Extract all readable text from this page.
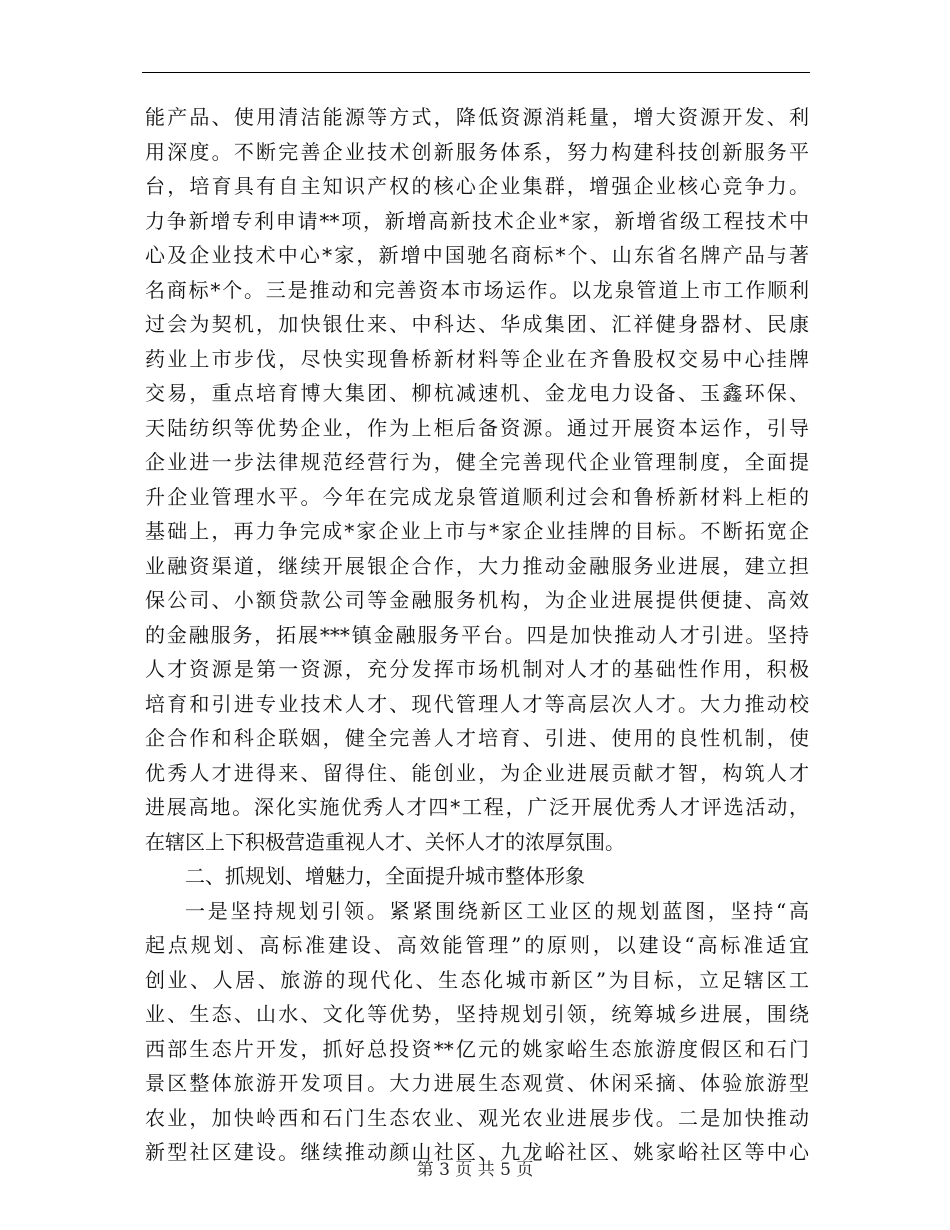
能产品、使用清洁能源等方式，降低资源消耗量，增大资源开发、利
用深度。不断完善企业技术创新服务体系，努力构建科技创新服务平
台，培育具有自主知识产权的核心企业集群，增强企业核心竞争力。
力争新增专利申请**项，新增高新技术企业*家，新增省级工程技术中
心及企业技术中心*家，新增中国驰名商标*个、山东省名牌产品与著
名商标*个。三是推动和完善资本市场运作。以龙泉管道上市工作顺利
过会为契机，加快银仕来、中科达、华成集团、汇祥健身器材、民康
药业上市步伐，尽快实现鲁桥新材料等企业在齐鲁股权交易中心挂牌
交易，重点培育博大集团、柳杭减速机、金龙电力设备、玉鑫环保、
天陆纺织等优势企业，作为上柜后备资源。通过开展资本运作，引导
企业进一步法律规范经营行为，健全完善现代企业管理制度，全面提
升企业管理水平。今年在完成龙泉管道顺利过会和鲁桥新材料上柜的
基础上，再力争完成*家企业上市与*家企业挂牌的目标。不断拓宽企
业融资渠道，继续开展银企合作，大力推动金融服务业进展，建立担
保公司、小额贷款公司等金融服务机构，为企业进展提供便捷、高效
的金融服务，拓展***镇金融服务平台。四是加快推动人才引进。坚持
人才资源是第一资源，充分发挥市场机制对人才的基础性作用，积极
培育和引进专业技术人才、现代管理人才等高层次人才。大力推动校
企合作和科企联姻，健全完善人才培育、引进、使用的良性机制，使
优秀人才进得来、留得住、能创业，为企业进展贡献才智，构筑人才
进展高地。深化实施优秀人才四*工程，广泛开展优秀人才评选活动，
在辖区上下积极营造重视人才、关怀人才的浓厚氛围。
二、抓规划、增魅力，全面提升城市整体形象
一是坚持规划引领。紧紧围绕新区工业区的规划蓝图，坚持“高
起点规划、高标准建设、高效能管理”的原则，以建设“高标准适宜
创业、人居、旅游的现代化、生态化城市新区”为目标，立足辖区工
业、生态、山水、文化等优势，坚持规划引领，统筹城乡进展，围绕
西部生态片开发，抓好总投资**亿元的姚家峪生态旅游度假区和石门
景区整体旅游开发项目。大力进展生态观赏、休闲采摘、体验旅游型
农业，加快岭西和石门生态农业、观光农业进展步伐。二是加快推动
新型社区建设。继续推动颜山社区、九龙峪社区、姚家峪社区等中心
第 3 页 共 5 页
